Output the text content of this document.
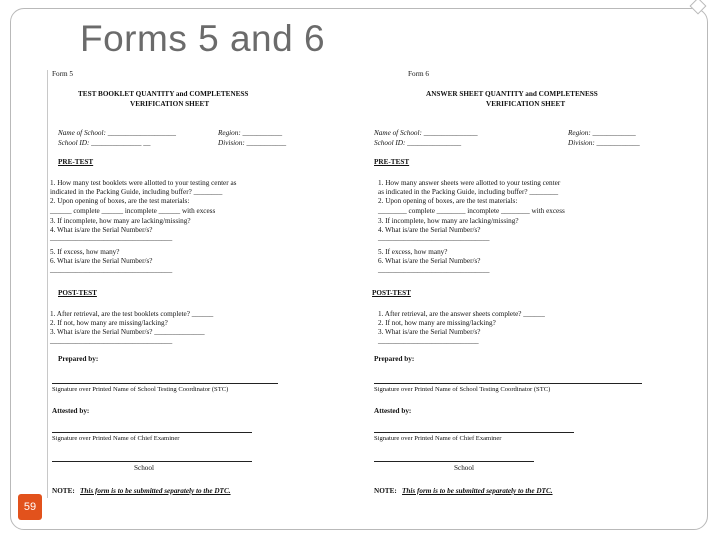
Forms 5 and 6
Form 5
TEST BOOKLET QUANTITY and COMPLETENESS
VERIFICATION SHEET
Name of School: ___________________	Region: ___________
School ID: ______________ __	Division: ___________
PRE-TEST
1. How many test booklets were allotted to your testing center as
indicated in the Packing Guide, including buffer? ________
2. Upon opening of boxes, are the test materials:
______ complete ______ incomplete ______ with excess
3. If incomplete, how many are lacking/missing?
4. What is/are the Serial Number/s?
__________________________________
5. If excess, how many?
6. What is/are the Serial Number/s?
__________________________________
POST-TEST
1. After retrieval, are the test booklets complete? ______
2. If not, how many are missing/lacking?
3. What is/are the Serial Number/s? ______________
__________________________________
Prepared by:
Signature over Printed Name of School Testing Coordinator (STC)
Attested by:
Signature over Printed Name of Chief Examiner
School
NOTE: This form is to be submitted separately to the DTC.
Form 6
ANSWER SHEET QUANTITY and COMPLETENESS
VERIFICATION SHEET
Name of School: _______________	Region: ____________
School ID: _______________	Division: ____________
PRE-TEST
1. How many answer sheets were allotted to your testing center
as indicated in the Packing Guide, including buffer? ________
2. Upon opening of boxes, are the test materials:
________ complete ________ incomplete ________ with excess
3. If incomplete, how many are lacking/missing?
4. What is/are the Serial Number/s?
_______________________________
5. If excess, how many?
6. What is/are the Serial Number/s?
_______________________________
POST-TEST
1. After retrieval, are the answer sheets complete? ______
2. If not, how many are missing/lacking?
3. What is/are the Serial Number/s?
____________________________
Prepared by:
Signature over Printed Name of School Testing Coordinator (STC)
Attested by:
Signature over Printed Name of Chief Examiner
School
NOTE: This form is to be submitted separately to the DTC.
59
